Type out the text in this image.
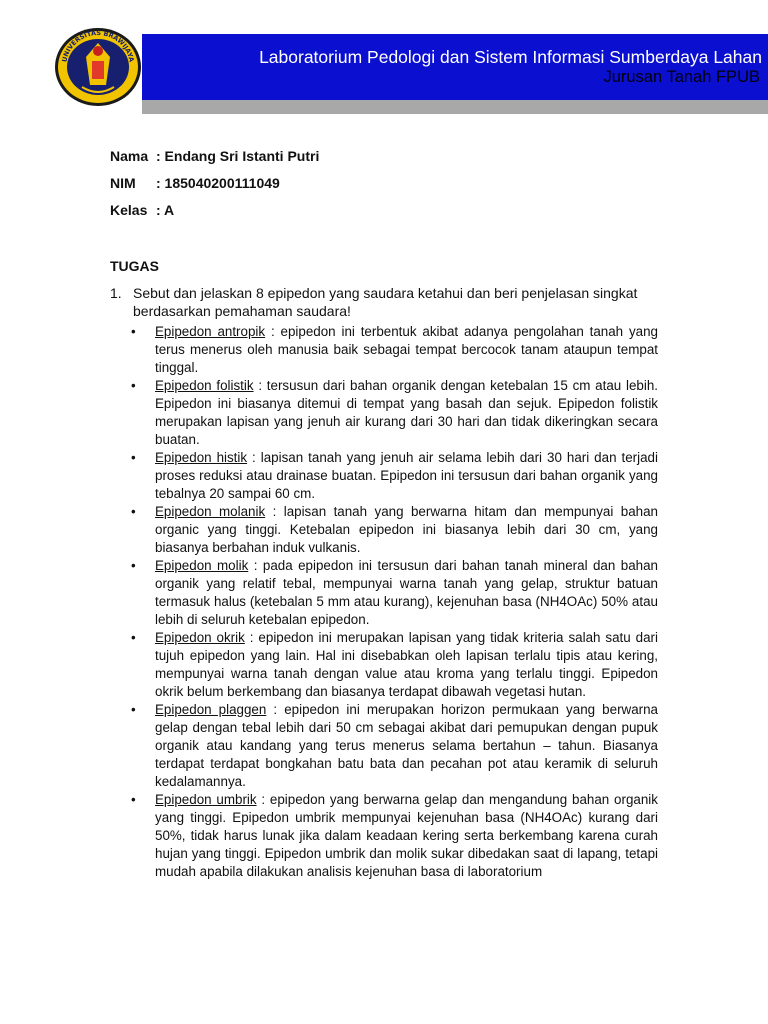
UNIVERSITAS BRAWIJAYA	Laboratorium Pedologi dan Sistem Informasi Sumberdaya Lahan
Jurusan Tanah FPUB
Nama : Endang Sri Istanti Putri
NIM : 185040200111049
Kelas : A
TUGAS
1. Sebut dan jelaskan 8 epipedon yang saudara ketahui dan beri penjelasan singkat berdasarkan pemahaman saudara!
• Epipedon antropik : epipedon ini terbentuk akibat adanya pengolahan tanah yang terus menerus oleh manusia baik sebagai tempat bercocok tanam ataupun tempat tinggal.
• Epipedon folistik : tersusun dari bahan organik dengan ketebalan 15 cm atau lebih. Epipedon ini biasanya ditemui di tempat yang basah dan sejuk. Epipedon folistik merupakan lapisan yang jenuh air kurang dari 30 hari dan tidak dikeringkan secara buatan.
• Epipedon histik : lapisan tanah yang jenuh air selama lebih dari 30 hari dan terjadi proses reduksi atau drainase buatan. Epipedon ini tersusun dari bahan organik yang tebalnya 20 sampai 60 cm.
• Epipedon molanik : lapisan tanah yang berwarna hitam dan mempunyai bahan organic yang tinggi. Ketebalan epipedon ini biasanya lebih dari 30 cm, yang biasanya berbahan induk vulkanis.
• Epipedon molik : pada epipedon ini tersusun dari bahan tanah mineral dan bahan organik yang relatif tebal, mempunyai warna tanah yang gelap, struktur batuan termasuk halus (ketebalan 5 mm atau kurang), kejenuhan basa (NH4OAc) 50% atau lebih di seluruh ketebalan epipedon.
• Epipedon okrik : epipedon ini merupakan lapisan yang tidak kriteria salah satu dari tujuh epipedon yang lain. Hal ini disebabkan oleh lapisan terlalu tipis atau kering, mempunyai warna tanah dengan value atau kroma yang terlalu tinggi. Epipedon okrik belum berkembang dan biasanya terdapat dibawah vegetasi hutan.
• Epipedon plaggen : epipedon ini merupakan horizon permukaan yang berwarna gelap dengan tebal lebih dari 50 cm sebagai akibat dari pemupukan dengan pupuk organik atau kandang yang terus menerus selama bertahun – tahun. Biasanya terdapat terdapat bongkahan batu bata dan pecahan pot atau keramik di seluruh kedalamannya.
• Epipedon umbrik : epipedon yang berwarna gelap dan mengandung bahan organik yang tinggi. Epipedon umbrik mempunyai kejenuhan basa (NH4OAc) kurang dari 50%, tidak harus lunak jika dalam keadaan kering serta berkembang karena curah hujan yang tinggi. Epipedon umbrik dan molik sukar dibedakan saat di lapang, tetapi mudah apabila dilakukan analisis kejenuhan basa di laboratorium
